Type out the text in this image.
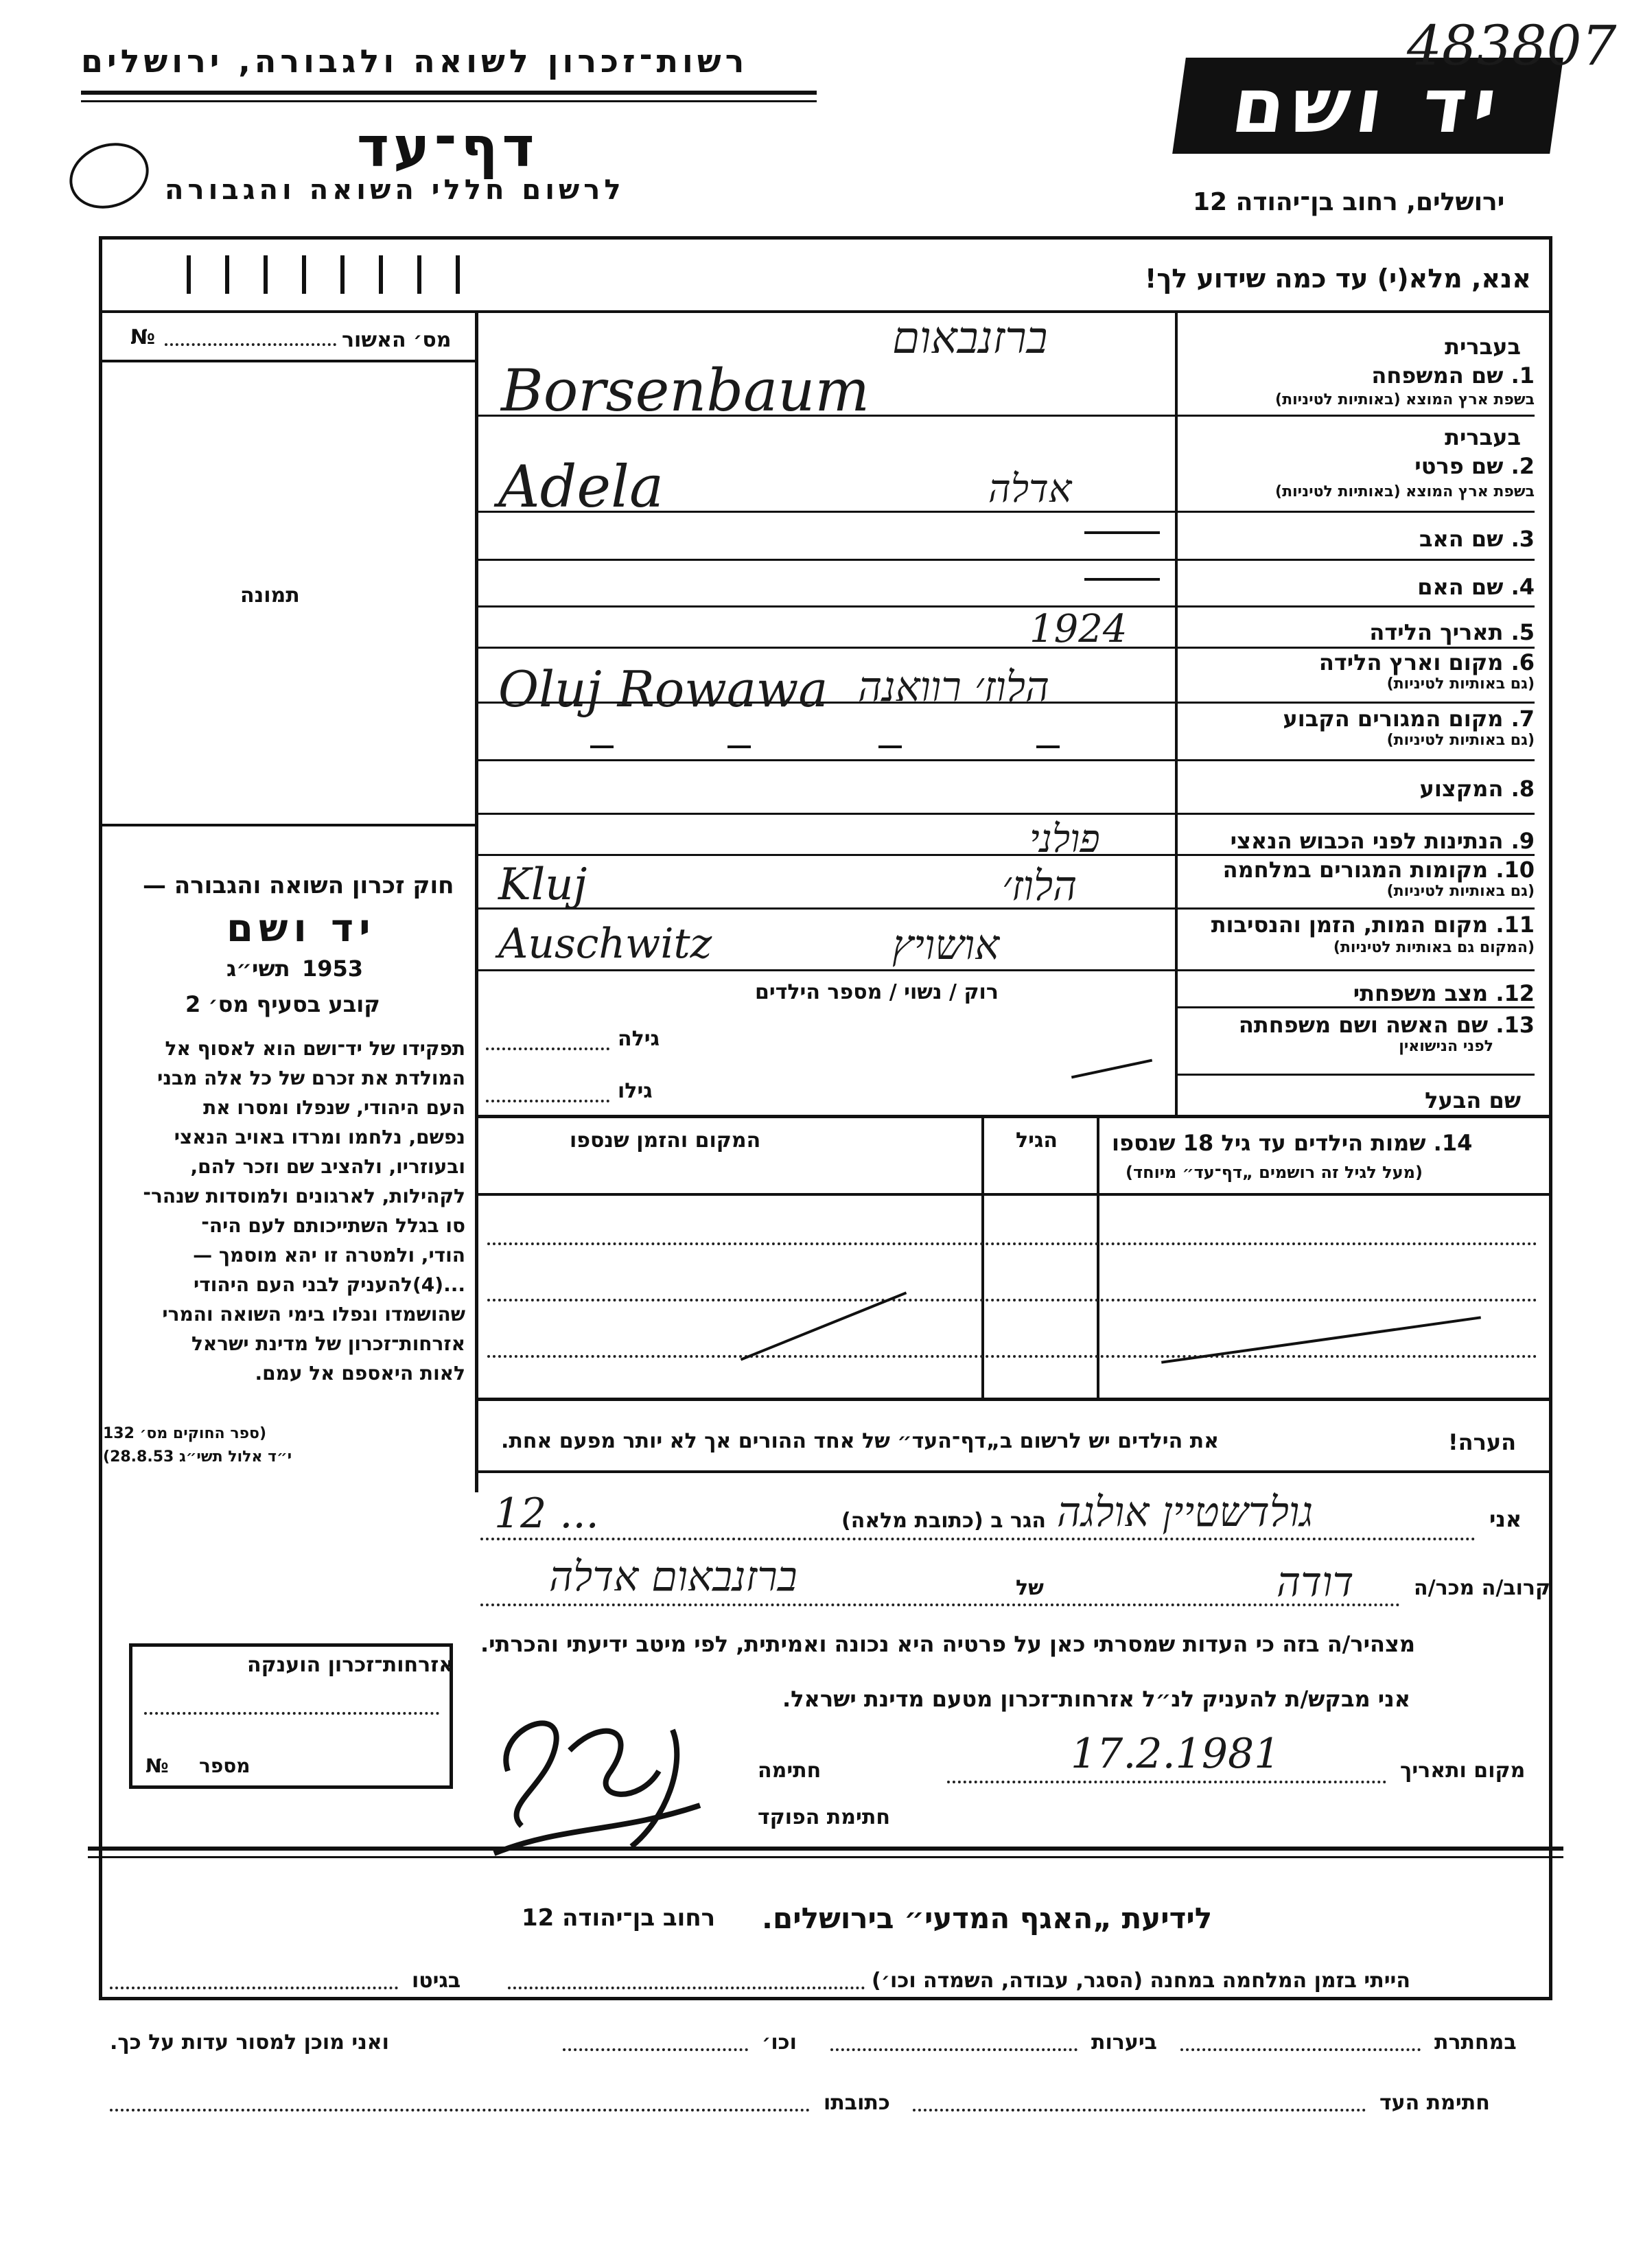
רשות־זכרון לשואה ולגבורה, ירושלים
דף־עד
לרשום חללי השואה והגבורה
יד ושם
483807
ירושלים, רחוב בן־יהודה 12
אנא, מלא(י) עד כמה שידוע לך!
מס׳ האשור
№
תמונה
חוק זכרון השואה והגבורה —
יד ושם
תשי״ג 1953
קובע בסעיף מס׳ 2
תפקידו של יד־ושם הוא לאסוף אל
המולדת את זכרם של כל אלה מבני
העם היהודי, שנפלו ומסרו את
נפשם, נלחמו ומרדו באויב הנאצי
ובעוזריו, ולהציב שם וזכר להם,
לקהילות, לארגונים ולמוסדות שנהר־
סו בגלל השתייכותם לעם היה־
הודי, ולמטרה זו יהא מוסמך —
...(4)להעניק לבני העם היהודי
שהושמדו ונפלו בימי השואה והמרי
אזרחות־זכרון של מדינת ישראל
לאות היאספם אל עמם.
(ספר החוקים מס׳ 132
י״ד אלול תשי״ג 28.8.53)
בעברית
1. שם המשפחה
בשפת ארץ המוצא (באותיות לטיניות)
בעברית
2. שם פרטי
בשפת ארץ המוצא (באותיות לטיניות)
3. שם האב
4. שם האם
5. תאריך הלידה
6. מקום וארץ הלידה
(גם באותיות לטיניות)
7. מקום המגורים הקבוע
(גם באותיות לטיניות)
8. המקצוע
9. הנתינות לפני הכבוש הנאצי
10. מקומות המגורים במלחמה
(גם באותיות לטיניות)
11. מקום המות, הזמן והנסיבות
(המקום גם באותיות לטיניות)
12. מצב משפחתי
13. שם האשה ושם משפחתה
לפני הנישואין
שם הבעל
ברזנבאום
Borsenbaum
אדלה
Adela
1924
Oluj Rowawa הלוז׳ רוואנה
פולני
Kluj	הלוז׳
Auschwitz	אושויץ
רוק / נשוי / מספר הילדים
גילה
גילו
14. שמות הילדים עד גיל 18 שנספו
(מעל לגיל זה רושמים „דף־עד״ מיוחד)
הגיל
המקום והזמן שנספו
הערה!
את הילדים יש לרשום ב„דף־העד״ של אחד ההורים אך לא יותר מפעם אחת.
אני
גולדשטיין אולגה
הגר ב (כתובת מלאה)
12 ...
קרוב/ה מכר/ה
דודה
של
ברזנבאום אדלה
מצהיר/ה בזה כי העדות שמסרתי כאן על פרטיה היא נכונה ואמיתית, לפי מיטב ידיעתי והכרתי.
אני מבקש/ת להעניק לנ״ל אזרחות־זכרון מטעם מדינת ישראל.
מקום ותאריך
17.2.1981
חתימה
חתימת הפוקד
אזרחות־זכרון הוענקה
מספר
№
לידיעת „האגף המדעי״ בירושלים.
רחוב בן־יהודה 12
הייתי בזמן המלחמה במחנה (הסגר, עבודה, השמדה וכו׳)
בגיטו
במחתרת
ביערות
וכו׳
ואני מוכן למסור עדות על כך.
חתימת העד
כתובתו
